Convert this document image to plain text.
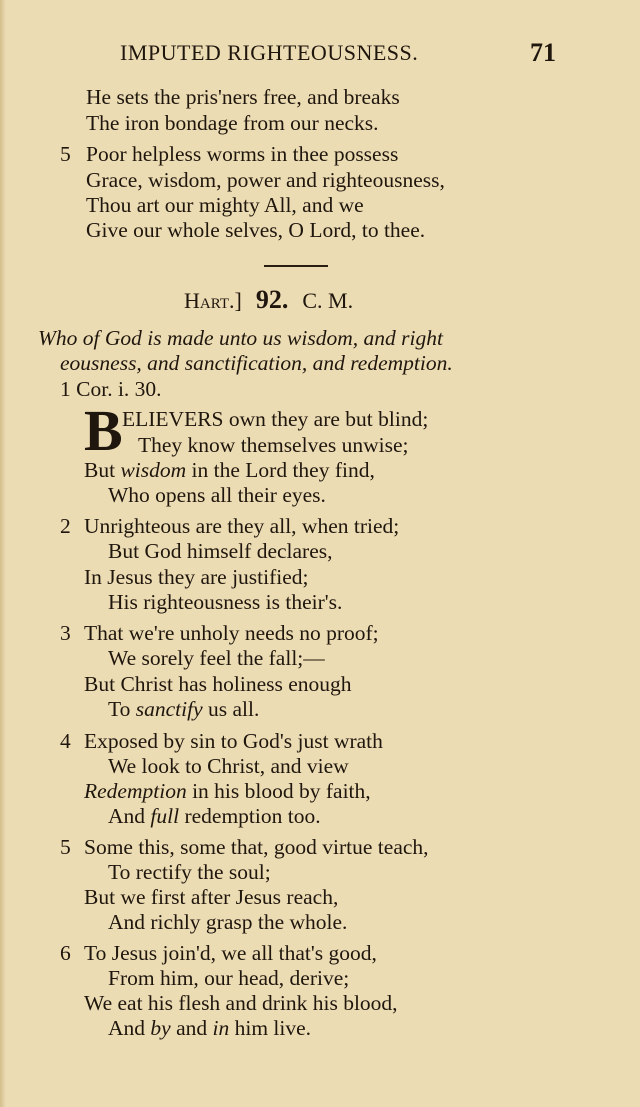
IMPUTED RIGHTEOUSNESS.	71
He sets the pris'ners free, and breaks
The iron bondage from our necks.
5 Poor helpless worms in thee possess
Grace, wisdom, power and righteousness,
Thou art our mighty All, and we
Give our whole selves, O Lord, to thee.
Hart.] 92. C. M.
Who of God is made unto us wisdom, and right
eousness, and sanctification, and redemption.
1 Cor. i. 30.
B ELIEVERS own they are but blind;
They know themselves unwise;
But wisdom in the Lord they find,
Who opens all their eyes.
2 Unrighteous are they all, when tried;
But God himself declares,
In Jesus they are justified;
His righteousness is their's.
3 That we're unholy needs no proof;
We sorely feel the fall;—
But Christ has holiness enough
To sanctify us all.
4 Exposed by sin to God's just wrath
We look to Christ, and view
Redemption in his blood by faith,
And full redemption too.
5 Some this, some that, good virtue teach,
To rectify the soul;
But we first after Jesus reach,
And richly grasp the whole.
6 To Jesus join'd, we all that's good,
From him, our head, derive;
We eat his flesh and drink his blood,
And by and in him live.
